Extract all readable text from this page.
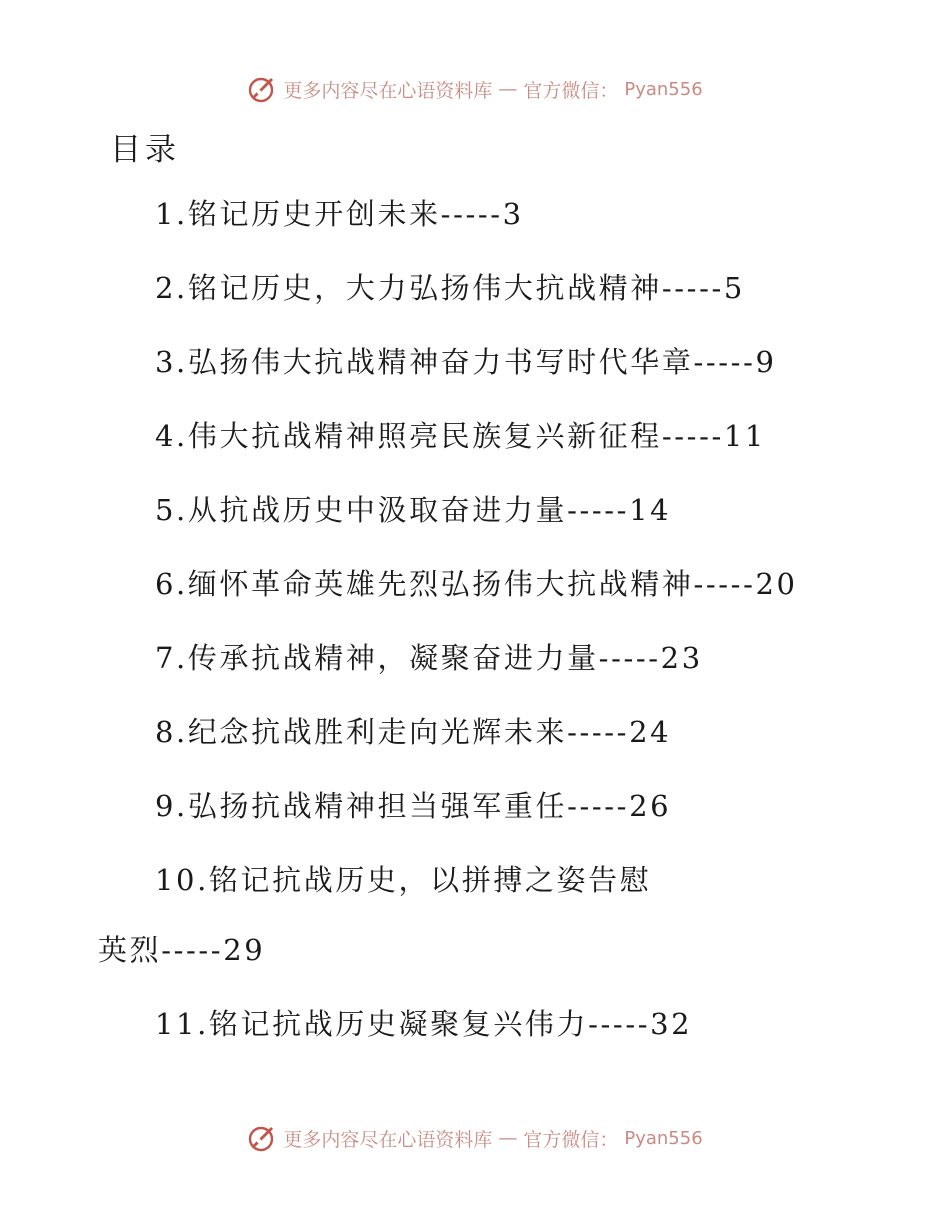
更多内容尽在心语资料库 — 官方微信： Pyan556
目录
1.铭记历史开创未来-----3
2.铭记历史，大力弘扬伟大抗战精神-----5
3.弘扬伟大抗战精神奋力书写时代华章-----9
4.伟大抗战精神照亮民族复兴新征程-----11
5.从抗战历史中汲取奋进力量-----14
6.缅怀革命英雄先烈弘扬伟大抗战精神-----20
7.传承抗战精神，凝聚奋进力量-----23
8.纪念抗战胜利走向光辉未来-----24
9.弘扬抗战精神担当强军重任-----26
10.铭记抗战历史，以拼搏之姿告慰英烈-----29
11.铭记抗战历史凝聚复兴伟力-----32
更多内容尽在心语资料库 — 官方微信： Pyan556
